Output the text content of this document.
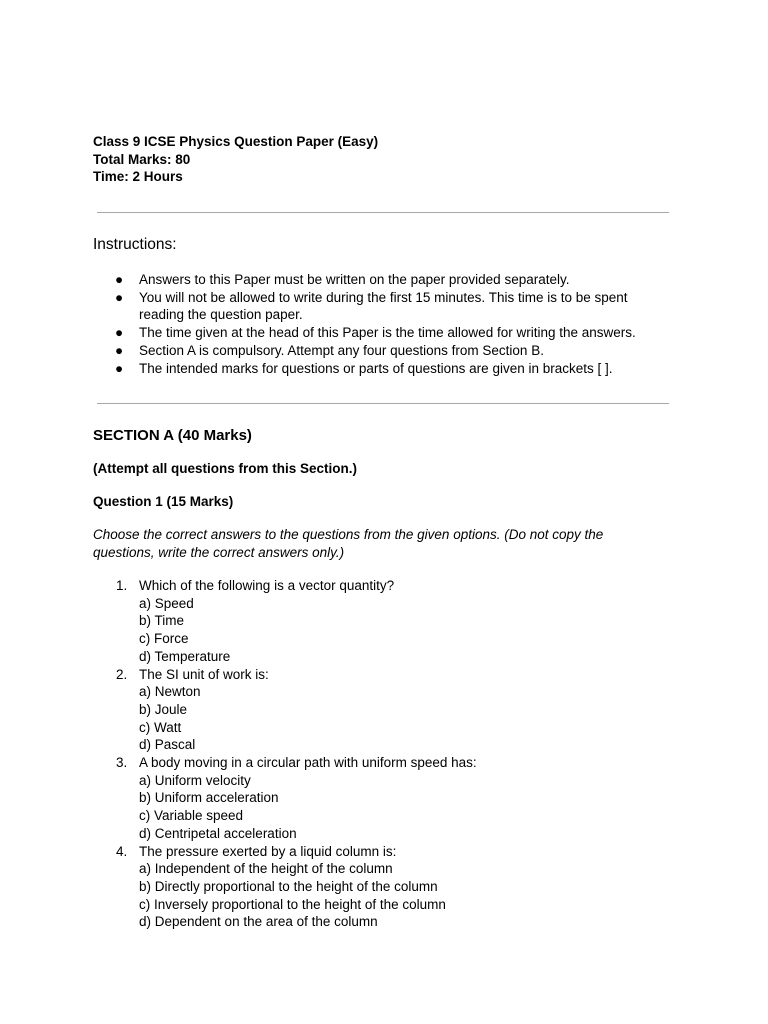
Class 9 ICSE Physics Question Paper (Easy)
Total Marks: 80
Time: 2 Hours
Instructions:
● Answers to this Paper must be written on the paper provided separately.
● You will not be allowed to write during the first 15 minutes. This time is to be spent reading the question paper.
● The time given at the head of this Paper is the time allowed for writing the answers.
● Section A is compulsory. Attempt any four questions from Section B.
● The intended marks for questions or parts of questions are given in brackets [ ].
SECTION A (40 Marks)
(Attempt all questions from this Section.)
Question 1 (15 Marks)
Choose the correct answers to the questions from the given options. (Do not copy the questions, write the correct answers only.)
1. Which of the following is a vector quantity?
a) Speed
b) Time
c) Force
d) Temperature
2. The SI unit of work is:
a) Newton
b) Joule
c) Watt
d) Pascal
3. A body moving in a circular path with uniform speed has:
a) Uniform velocity
b) Uniform acceleration
c) Variable speed
d) Centripetal acceleration
4. The pressure exerted by a liquid column is:
a) Independent of the height of the column
b) Directly proportional to the height of the column
c) Inversely proportional to the height of the column
d) Dependent on the area of the column
